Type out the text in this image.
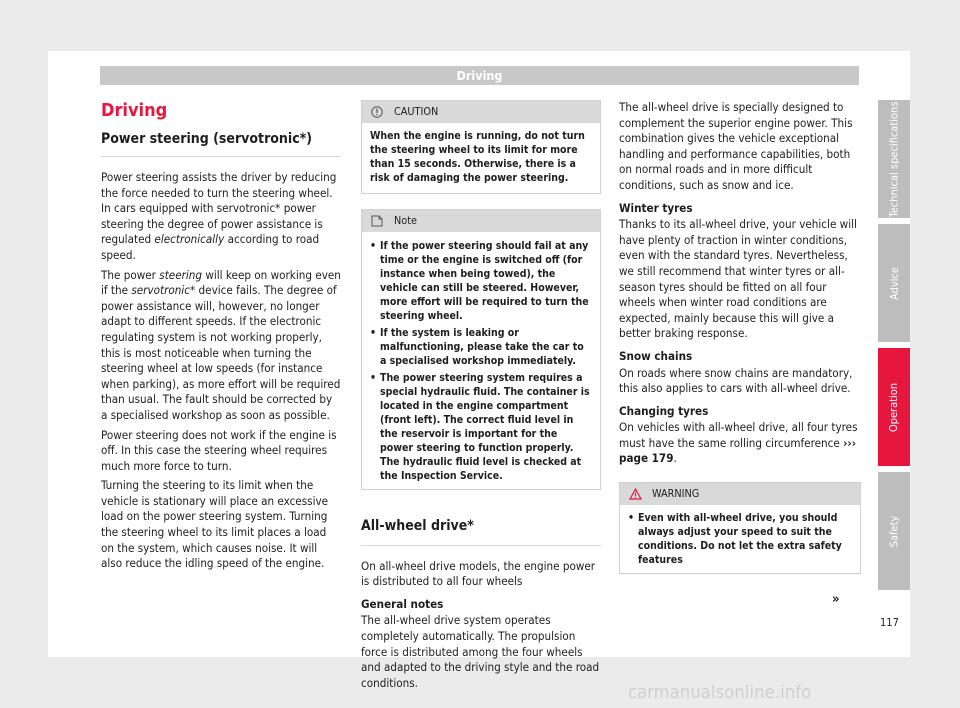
Driving
Driving
Power steering (servotronic*)

Power steering assists the driver by reducing the force needed to turn the steering wheel. In cars equipped with servotronic* power steering the degree of power assistance is regulated electronically according to road speed.

The power steering will keep on working even if the servotronic* device fails. The degree of power assistance will, however, no longer adapt to different speeds. If the electronic regulating system is not working properly, this is most noticeable when turning the steering wheel at low speeds (for instance when parking), as more effort will be required than usual. The fault should be corrected by a specialised workshop as soon as possible.

Power steering does not work if the engine is off. In this case the steering wheel requires much more force to turn.

Turning the steering to its limit when the vehicle is stationary will place an excessive load on the power steering system. Turning the steering wheel to its limit places a load on the system, which causes noise. It will also reduce the idling speed of the engine.

CAUTION

When the engine is running, do not turn the steering wheel to its limit for more than 15 seconds. Otherwise, there is a risk of damaging the power steering.

Note
• If the power steering should fail at any time or the engine is switched off (for instance when being towed), the vehicle can still be steered. However, more effort will be required to turn the steering wheel.
• If the system is leaking or malfunctioning, please take the car to a specialised workshop immediately.
• The power steering system requires a special hydraulic fluid. The container is located in the engine compartment (front left). The correct fluid level in the reservoir is important for the power steering to function properly. The hydraulic fluid level is checked at the Inspection Service.
All-wheel drive*

On all-wheel drive models, the engine power is distributed to all four wheels

General notes

The all-wheel drive system operates completely automatically. The propulsion force is distributed among the four wheels and adapted to the driving style and the road conditions.

The all-wheel drive is specially designed to complement the superior engine power. This combination gives the vehicle exceptional handling and performance capabilities, both on normal roads and in more difficult conditions, such as snow and ice.

Winter tyres

Thanks to its all-wheel drive, your vehicle will have plenty of traction in winter conditions, even with the standard tyres. Nevertheless, we still recommend that winter tyres or all-season tyres should be fitted on all four wheels when winter road conditions are expected, mainly because this will give a better braking response.

Snow chains

On roads where snow chains are mandatory, this also applies to cars with all-wheel drive.

Changing tyres

On vehicles with all-wheel drive, all four tyres must have the same rolling circumference ››› page 179.

WARNING
• Even with all-wheel drive, you should always adjust your speed to suit the conditions. Do not let the extra safety features
»
Technical specifications
Advice
Operation
Safety
117
carmanualsonline.info
